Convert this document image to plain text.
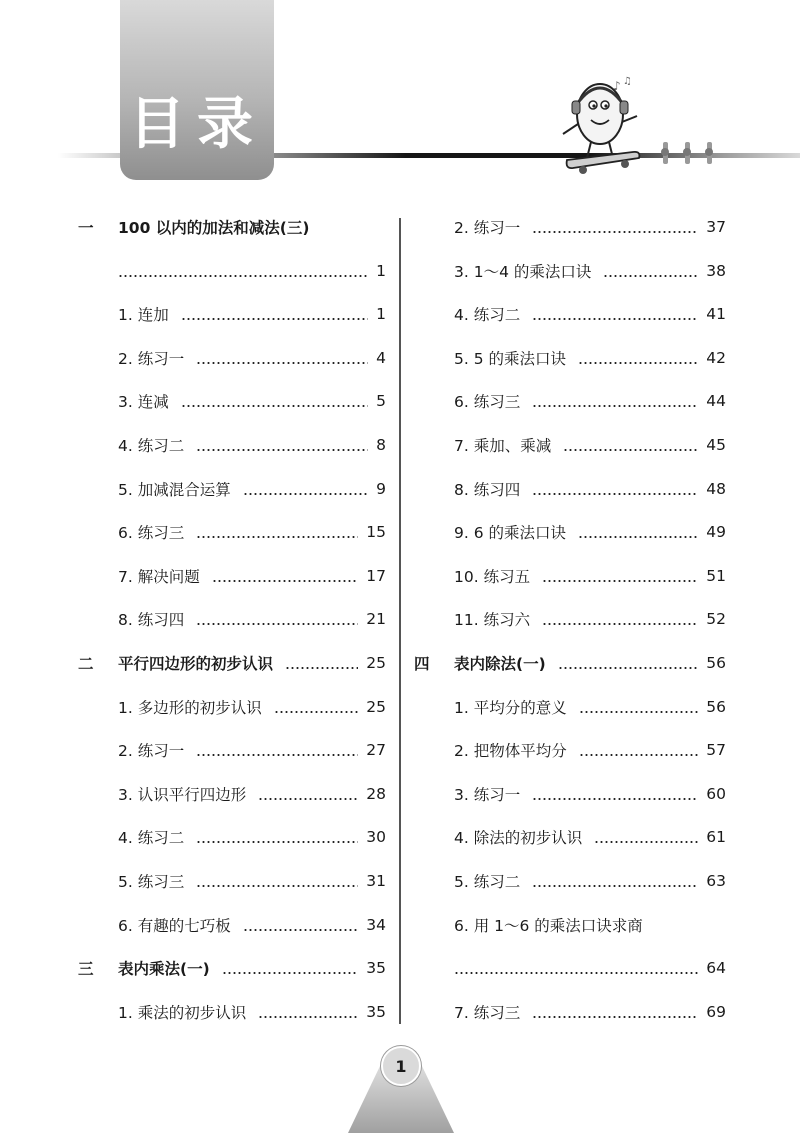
目录
♪ ♫
一	100 以内的加法和减法(三)
1
1. 连加	1
2. 练习一	4
3. 连减	5
4. 练习二	8
5. 加减混合运算	9
6. 练习三	15
7. 解决问题	17
8. 练习四	21
二	平行四边形的初步认识	25
1. 多边形的初步认识	25
2. 练习一	27
3. 认识平行四边形	28
4. 练习二	30
5. 练习三	31
6. 有趣的七巧板	34
三	表内乘法(一)	35
1. 乘法的初步认识	35
2. 练习一	37
3. 1～4 的乘法口诀	38
4. 练习二	41
5. 5 的乘法口诀	42
6. 练习三	44
7. 乘加、乘减	45
8. 练习四	48
9. 6 的乘法口诀	49
10. 练习五	51
11. 练习六	52
四	表内除法(一)	56
1. 平均分的意义	56
2. 把物体平均分	57
3. 练习一	60
4. 除法的初步认识	61
5. 练习二	63
6. 用 1～6 的乘法口诀求商
64
7. 练习三	69
1
